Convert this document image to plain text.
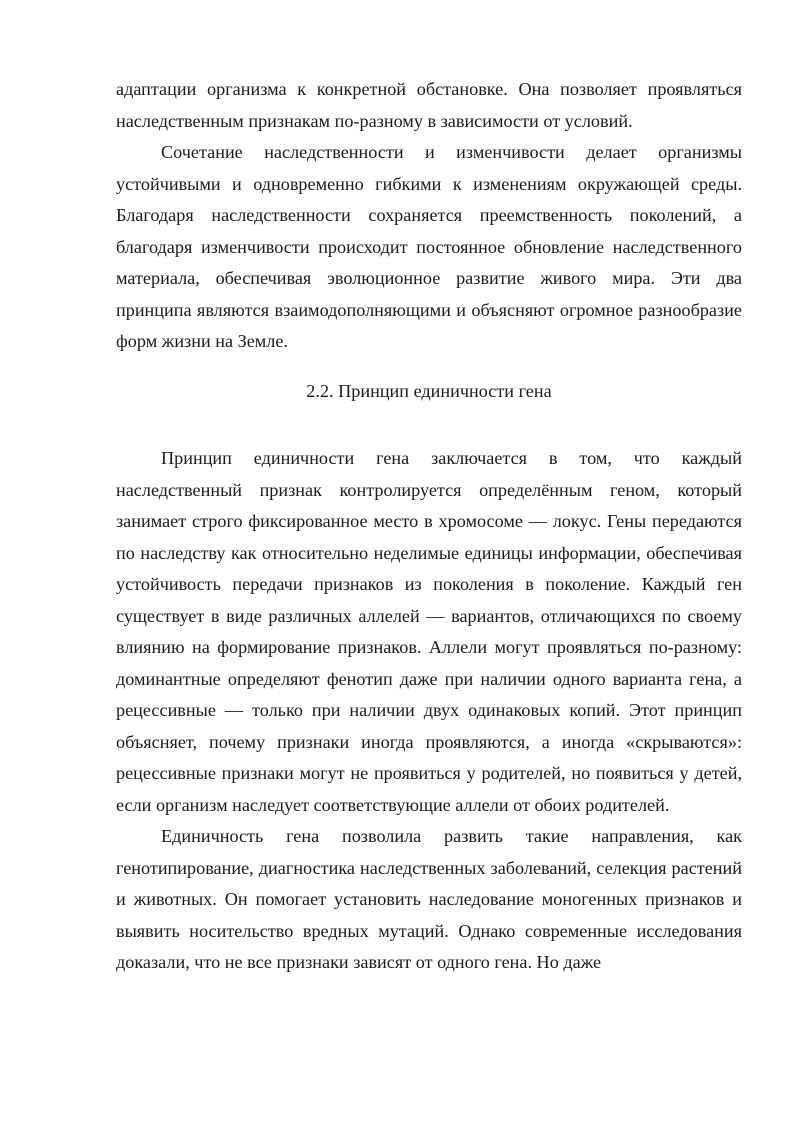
адаптации организма к конкретной обстановке. Она позволяет проявляться наследственным признакам по-разному в зависимости от условий.

Сочетание наследственности и изменчивости делает организмы устойчивыми и одновременно гибкими к изменениям окружающей среды. Благодаря наследственности сохраняется преемственность поколений, а благодаря изменчивости происходит постоянное обновление наследственного материала, обеспечивая эволюционное развитие живого мира. Эти два принципа являются взаимодополняющими и объясняют огромное разнообразие форм жизни на Земле.

2.2. Принцип единичности гена

Принцип единичности гена заключается в том, что каждый наследственный признак контролируется определённым геном, который занимает строго фиксированное место в хромосоме — локус. Гены передаются по наследству как относительно неделимые единицы информации, обеспечивая устойчивость передачи признаков из поколения в поколение. Каждый ген существует в виде различных аллелей — вариантов, отличающихся по своему влиянию на формирование признаков. Аллели могут проявляться по-разному: доминантные определяют фенотип даже при наличии одного варианта гена, а рецессивные — только при наличии двух одинаковых копий. Этот принцип объясняет, почему признаки иногда проявляются, а иногда «скрываются»: рецессивные признаки могут не проявиться у родителей, но появиться у детей, если организм наследует соответствующие аллели от обоих родителей.

Единичность гена позволила развить такие направления, как генотипирование, диагностика наследственных заболеваний, селекция растений и животных. Он помогает установить наследование моногенных признаков и выявить носительство вредных мутаций. Однако современные исследования доказали, что не все признаки зависят от одного гена. Но даже
